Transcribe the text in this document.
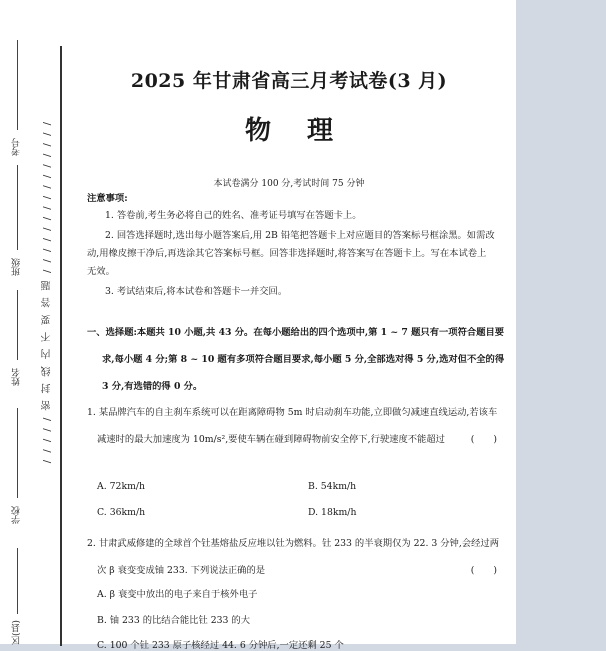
考号
班级
姓名
学校
区(县)
/ / / / / 密 封 线 内 不 要 答 题 / / / / / / / / / / / / / / /
2025 年甘肃省高三月考试卷(3 月)
物理
本试卷满分 100 分,考试时间 75 分钟
注意事项:
1. 答卷前,考生务必将自己的姓名、准考证号填写在答题卡上。
2. 回答选择题时,选出每小题答案后,用 2B 铅笔把答题卡上对应题目的答案标号框涂黑。如需改动,用橡皮擦干净后,再选涂其它答案标号框。回答非选择题时,将答案写在答题卡上。写在本试卷上无效。
3. 考试结束后,将本试卷和答题卡一并交回。
一、选择题:本题共 10 小题,共 43 分。在每小题给出的四个选项中,第 1 ~ 7 题只有一项符合题目要求,每小题 4 分;第 8 ~ 10 题有多项符合题目要求,每小题 5 分,全部选对得 5 分,选对但不全的得 3 分,有选错的得 0 分。
1. 某品牌汽车的自主刹车系统可以在距离障碍物 5m 时启动刹车功能,立即做匀减速直线运动,若该车减速时的最大加速度为 10m/s²,要使车辆在碰到障碍物前安全停下,行驶速度不能超过	( )
A. 72km/h	B. 54km/h
C. 36km/h	D. 18km/h
2. 甘肃武威修建的全球首个钍基熔盐反应堆以钍为燃料。钍 233 的半衰期仅为 22. 3 分钟,会经过两次 β 衰变变成铀 233. 下列说法正确的是	( )
A. β 衰变中放出的电子来自于核外电子
B. 铀 233 的比结合能比钍 233 的大
C. 100 个钍 233 原子核经过 44. 6 分钟后,一定还剩 25 个
